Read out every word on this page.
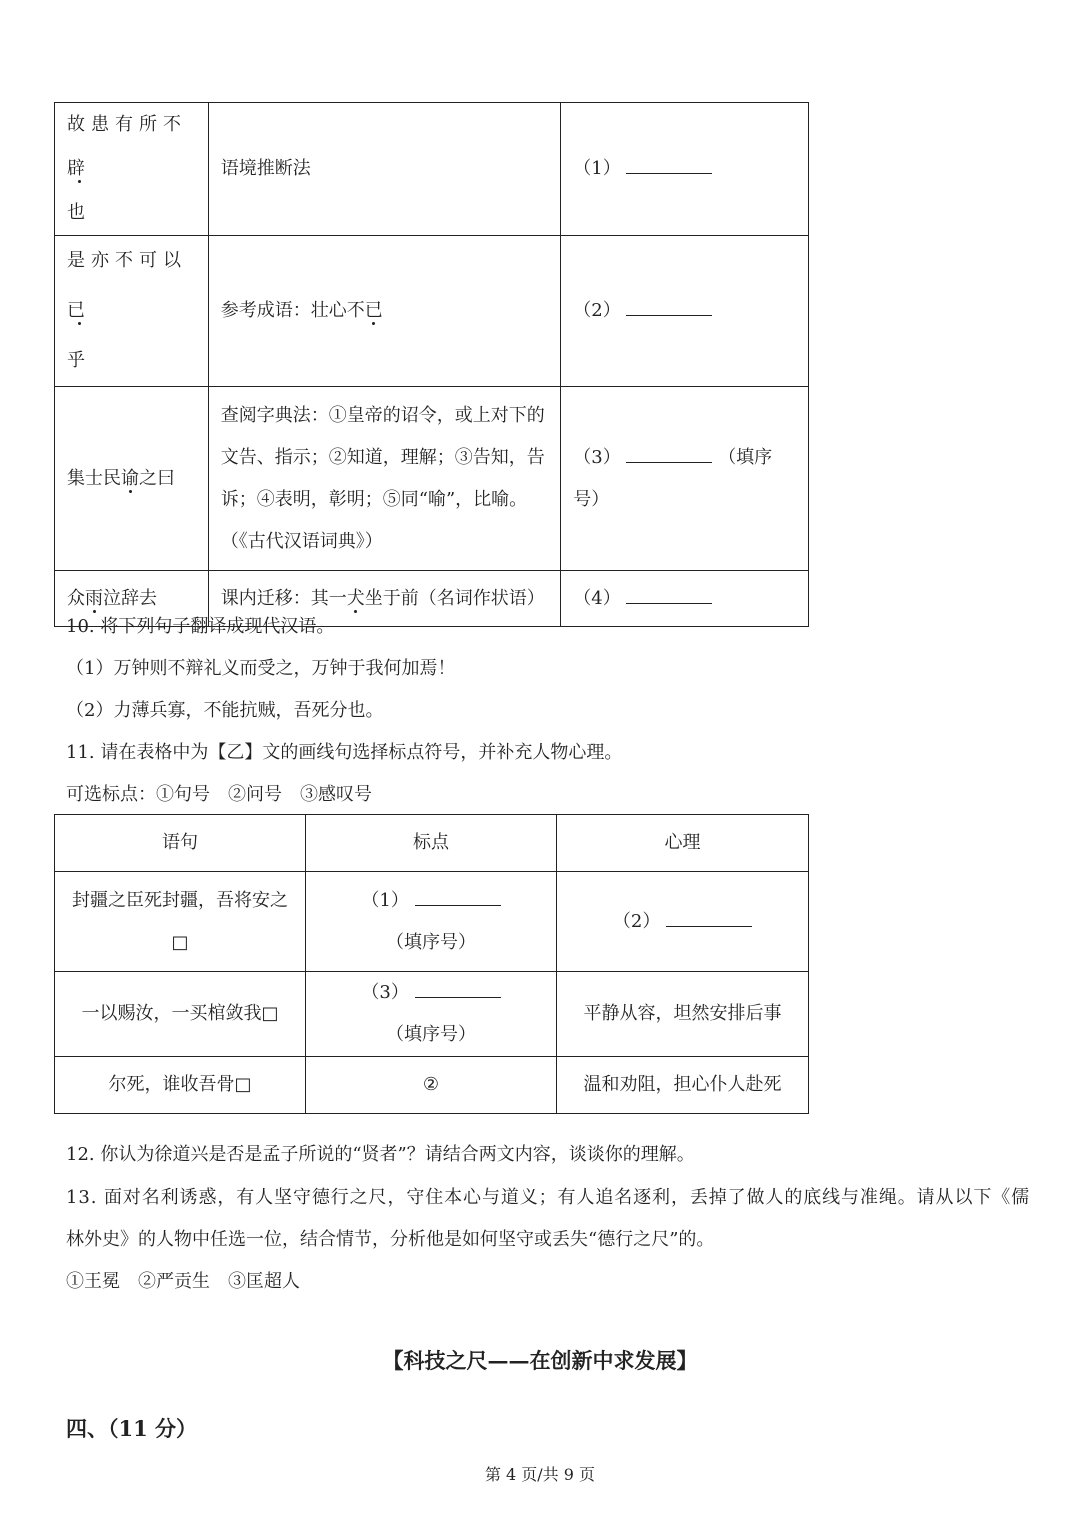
故患有所不辟
也	语境推断法	（1）
是亦不可以已
乎	参考成语：壮心不已	（2）
集士民谕之曰	查阅字典法：①皇帝的诏令，或上对下的文告、指示；②知道，理解；③告知，告诉；④表明，彰明；⑤同“喻”，比喻。（《古代汉语词典》）	（3） （填序号）
众雨泣辞去	课内迁移：其一犬坐于前（名词作状语）	（4）
10. 将下列句子翻译成现代汉语。
（1）万钟则不辩礼义而受之，万钟于我何加焉！
（2）力薄兵寡，不能抗贼，吾死分也。
11. 请在表格中为【乙】文的画线句选择标点符号，并补充人物心理。
可选标点：①句号　②问号　③感叹号
语句	标点	心理
封疆之臣死封疆，吾将安之□	（1）  （填序号）	（2）
一以赐汝，一买棺敛我□	（3）  （填序号）	平静从容，坦然安排后事
尔死，谁收吾骨□	②	温和劝阻，担心仆人赴死
12. 你认为徐道兴是否是孟子所说的“贤者”？请结合两文内容，谈谈你的理解。
13. 面对名利诱惑，有人坚守德行之尺，守住本心与道义；有人追名逐利，丢掉了做人的底线与准绳。请从以下《儒
林外史》的人物中任选一位，结合情节，分析他是如何坚守或丢失“德行之尺”的。
①王冕　②严贡生　③匡超人
【科技之尺——在创新中求发展】
四、（11 分）
第 4 页/共 9 页
